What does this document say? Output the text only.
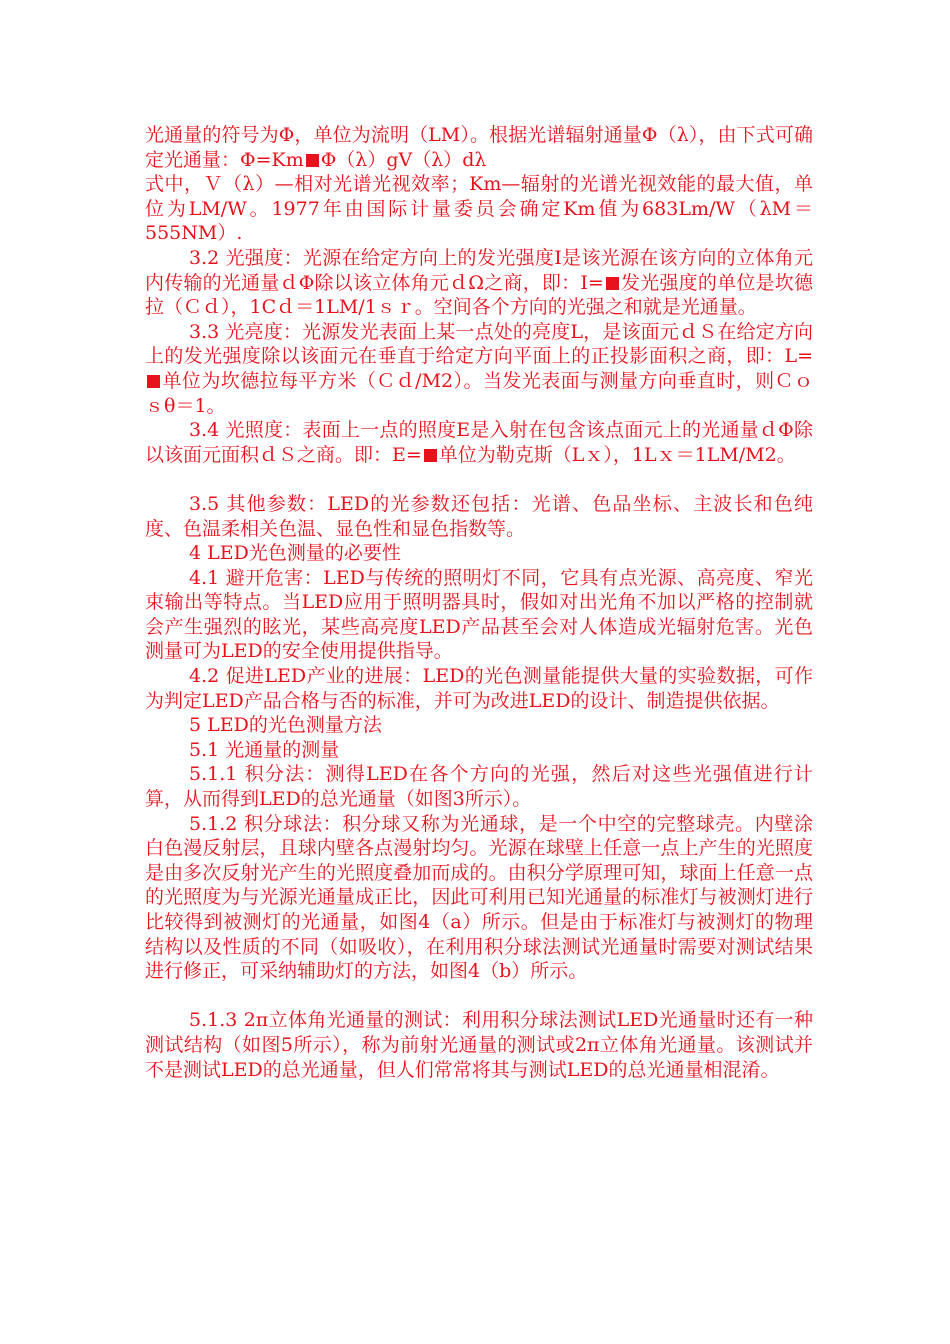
光通量的符号为Φ，单位为流明（LM）。根据光谱辐射通量Φ（λ），由下式可确定光通量：Φ=Km Φ（λ）gV（λ）dλ

式中，Ｖ（λ）—相对光谱光视效率；Km—辐射的光谱光视效能的最大值，单位为LM/W。1977年由国际计量委员会确定Km值为683Lm/W（λM＝555NM）.

3.2 光强度：光源在给定方向上的发光强度I是该光源在该方向的立体角元内传输的光通量ｄΦ除以该立体角元ｄΩ之商，即：I= 发光强度的单位是坎德拉（Ｃｄ），1Cｄ＝1LM/1ｓｒ。空间各个方向的光强之和就是光通量。

3.3 光亮度：光源发光表面上某一点处的亮度L，是该面元ｄＳ在给定方向上的发光强度除以该面元在垂直于给定方向平面上的正投影面积之商，即：L=单位为坎德拉每平方米（Ｃｄ/M2）。当发光表面与测量方向垂直时，则Ｃｏｓθ＝1。

3.4 光照度：表面上一点的照度E是入射在包含该点面元上的光通量ｄΦ除以该面元面积ｄＳ之商。即：E= 单位为勒克斯（Lｘ），1Lｘ＝1LM/M2。

3.5 其他参数：LED的光参数还包括：光谱、色品坐标、主波长和色纯度、色温柔相关色温、显色性和显色指数等。

4 LED光色测量的必要性

4.1 避开危害：LED与传统的照明灯不同，它具有点光源、高亮度、窄光束输出等特点。当LED应用于照明器具时，假如对出光角不加以严格的控制就会产生强烈的眩光，某些高亮度LED产品甚至会对人体造成光辐射危害。光色测量可为LED的安全使用提供指导。

4.2 促进LED产业的进展：LED的光色测量能提供大量的实验数据，可作为判定LED产品合格与否的标准，并可为改进LED的设计、制造提供依据。

5 LED的光色测量方法

5.1 光通量的测量

5.1.1 积分法：测得LED在各个方向的光强，然后对这些光强值进行计算，从而得到LED的总光通量（如图3所示）。

5.1.2 积分球法：积分球又称为光通球，是一个中空的完整球壳。内壁涂白色漫反射层，且球内壁各点漫射均匀。光源在球壁上任意一点上产生的光照度是由多次反射光产生的光照度叠加而成的。由积分学原理可知，球面上任意一点的光照度为与光源光通量成正比，因此可利用已知光通量的标准灯与被测灯进行比较得到被测灯的光通量，如图4（a）所示。但是由于标准灯与被测灯的物理结构以及性质的不同（如吸收），在利用积分球法测试光通量时需要对测试结果进行修正，可采纳辅助灯的方法，如图4（b）所示。

5.1.3 2π立体角光通量的测试：利用积分球法测试LED光通量时还有一种测试结构（如图5所示），称为前射光通量的测试或2π立体角光通量。该测试并不是测试LED的总光通量，但人们常常将其与测试LED的总光通量相混淆。
